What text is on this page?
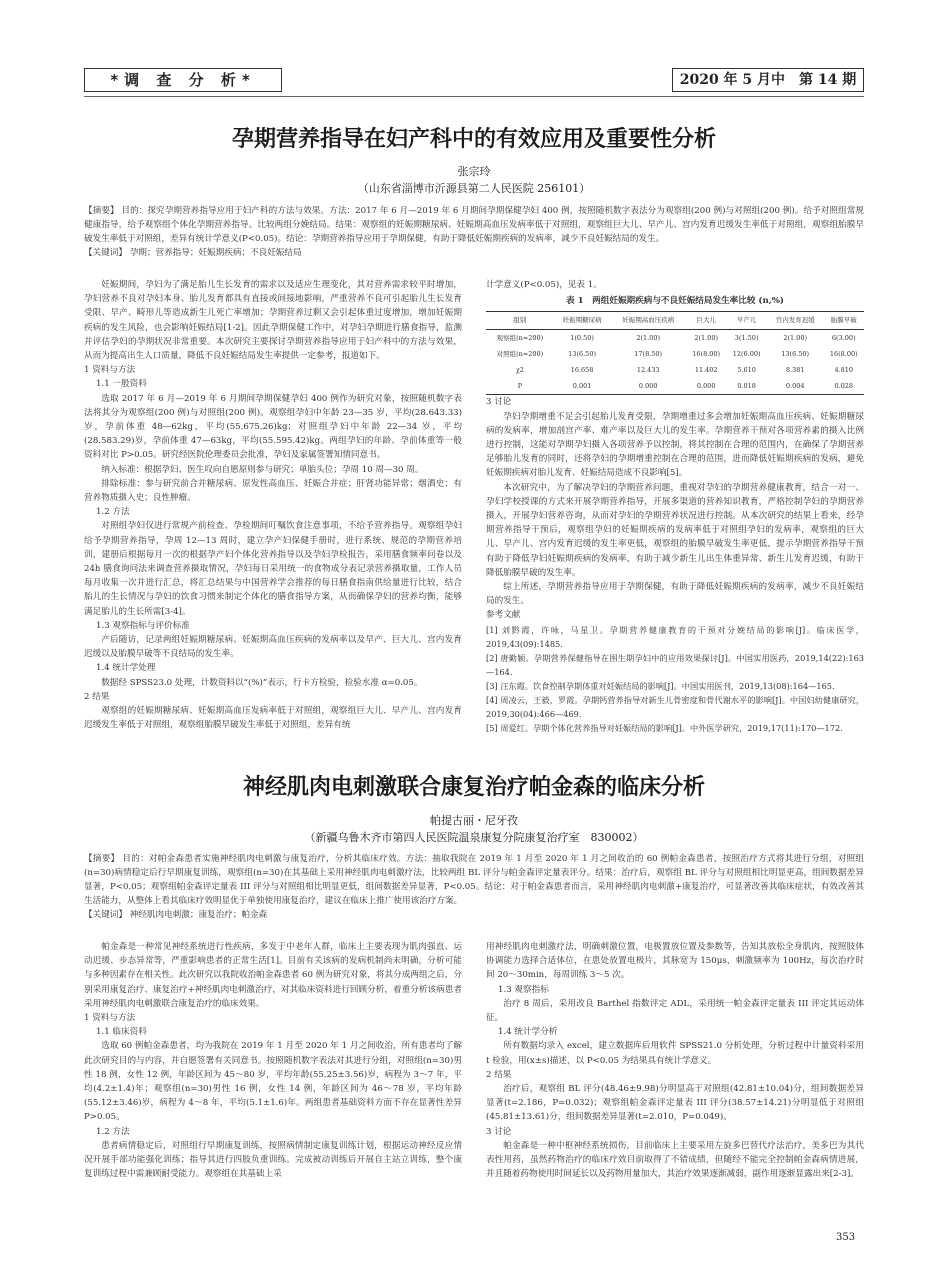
*调 查 分 析*	2020 年 5 月中　第 14 期
孕期营养指导在妇产科中的有效应用及重要性分析
张宗玲
（山东省淄博市沂源县第二人民医院 256101）
【摘要】 目的：探究孕期营养指导应用于妇产科的方法与效果。方法：2017 年 6 月—2019 年 6 月期间孕期保健孕妇 400 例，按照随机数字表法分为观察组(200 例)与对照组(200 例)。给予对照组常规健康指导，给予观察组个体化孕期营养指导。比较两组分娩结局。结果：观察组的妊娠期糖尿病、妊娠期高血压发病率低于对照组，观察组巨大儿、早产儿、宫内发育迟缓发生率低于对照组，观察组胎膜早破发生率低于对照组，差异有统计学意义(P<0.05)。结论：孕期营养指导应用于孕期保健，有助于降低妊娠期疾病的发病率，减少不良妊娠结局的发生。
【关键词】 孕期；营养指导；妊娠期疾病；不良妊娠结局

妊娠期间，孕妇为了满足胎儿生长发育的需求以及适应生理变化，其对营养需求较平时增加，孕妇营养不良对孕妇本身、胎儿发育都具有直接或间接地影响，严重营养不良可引起胎儿生长发育受限、早产、畸形儿等造成新生儿死亡率增加；孕期营养过剩又会引起体重过度增加，增加妊娠期疾病的发生风险，也会影响妊娠结局[1-2]。因此孕期保健工作中，对孕妇孕期进行膳食指导，监测并评估孕妇的孕期状况非常重要。本次研究主要探讨孕期营养指导应用于妇产科中的方法与效果，从而为提高出生人口质量，降低不良妊娠结局发生率提供一定参考，报道如下。

1 资料与方法

1.1 一般资料

选取 2017 年 6 月—2019 年 6 月期间孕期保健孕妇 400 例作为研究对象，按照随机数字表法将其分为观察组(200 例)与对照组(200 例)。观察组孕妇中年龄 23—35 岁，平均(28.643.33)岁，孕前体重 48—62kg，平均(55.675.26)kg；对照组孕妇中年龄 22—34 岁，平均(28.583.29)岁，孕前体重 47—63kg，平均(55.595.42)kg。两组孕妇的年龄、孕前体重等一般资料对比 P>0.05。研究经医院伦理委员会批准，孕妇及家属签署知情同意书。

纳入标准：根据孕妇、医生叹向自愿原则参与研究；单胎头位；孕周 10 周—30 周。

排除标准：参与研究前合并糖尿病、原发性高血压、妊娠合并症；肝肾功能异常；烟酒史；有营养物质摄入史；良性肿瘤。

1.2 方法

对照组孕妇仅进行常规产前检查、孕检期间叮嘱饮食注意事项，不给予营养指导。观察组孕妇给予孕期营养指导，孕周 12—13 周时，建立孕产妇保健手册时，进行系统、规范的孕期营养培训，建册后根据每月一次的根据孕产妇个体化营养指导以及孕妇孕检报告，采用膳食频率问卷以及 24h 膳食询问法来调查营养摄取情况，孕妇每日采用统一的食物成分表记录营养摄取量，工作人员每月收集一次并进行汇总，将汇总结果与中国营养学会推荐的每日膳食指南供给量进行比较，结合胎儿的生长情况与孕妇的饮食习惯来制定个体化的膳食指导方案，从而确保孕妇的营养均衡，能够满足胎儿的生长所需[3-4]。

1.3 观察指标与评价标准

产后随访，记录两组妊娠期糖尿病、妊娠期高血压疾病的发病率以及早产、巨大儿、宫内发育迟缓以及胎膜早破等不良结局的发生率。

1.4 统计学处理

数据经 SPSS23.0 处理，计数资料以“(%)”表示，行卡方检验，检验水准 α=0.05。

2 结果

观察组的妊娠期糖尿病、妊娠期高血压发病率低于对照组，观察组巨大儿、早产儿、宫内发育迟缓发生率低于对照组，观察组胎膜早破发生率低于对照组，差异有统

计学意义(P<0.05)，见表 1。

表 1　两组妊娠期疾病与不良妊娠结局发生率比较 (n,%)
组别	妊娠期糖尿病	妊娠期高血压疾病	巨大儿	早产儿	宫内发育迟缓	胎膜早破
观察组(n=200)	1(0.50)	2(1.00)	2(1.00)	3(1.50)	2(1.00)	6(3.00)
对照组(n=200)	13(6.50)	17(8.50)	16(8.00)	12(6.00)	13(6.50)	16(8.00)
χ2	16.658	12.433	11.402	5.610	8.381	4.810
P	0.001	0.000	0.000	0.018	0.004	0.028

3 讨论

孕妇孕期增重不足会引起胎儿发育受限，孕期增重过多会增加妊娠期高血压疾病、妊娠期糖尿病的发病率，增加剖宫产率、难产率以及巨大儿的发生率。孕期营养干预对各项营养素的摄入比例进行控制，这能对孕期孕妇摄入各项营养予以控制，将其控制在合理的范围内，在确保了孕期营养足够胎儿发育的同时，还将孕妇的孕期增重控制在合理的范围，进而降低妊娠期疾病的发病，避免妊娠期疾病对胎儿发育、妊娠结局造成不良影响[5]。

本次研究中，为了解决孕妇的孕期营养问题，重视对孕妇的孕期营养健康教育，结合一对一、孕妇学校授课的方式来开展孕期营养指导，开展多渠道的营养知识教育，严格控制孕妇的孕期营养摄入，开展孕妇营养咨询，从而对孕妇的孕期营养状况进行控制。从本次研究的结果上看来，经孕期营养指导干预后，观察组孕妇的妊娠期疾病的发病率低于对照组孕妇的发病率，观察组的巨大儿、早产儿、宫内发育迟缓的发生率更低，观察组的胎膜早破发生率更低，提示孕期营养指导干预有助于降低孕妇妊娠期疾病的发病率，有助于减少新生儿出生体重异常、新生儿发育迟缓，有助于降低胎膜早破的发生率。

综上所述，孕期营养指导应用于孕期保健，有助于降低妊娠期疾病的发病率，减少不良妊娠结局的发生。

参考文献

[1] 刘黔霞，许咏，马星卫。孕期营养健康教育的干预对分娩结局的影响[J]。临床医学，2019,43(09):1485.

[2] 唐勤颖。孕期营养保健指导在围生期孕妇中的应用效果探讨[J]。中国实用医药，2019,14(22):163—164.

[3] 汪东霞。饮食控制孕期体重对妊娠结局的影响[J]。中国实用医刊，2019,13(08):164—165.

[4] 周凌云，王毅，罗霞。孕期钙营养指导对新生儿骨密度和骨代谢水平的影响[J]。中国妇幼健康研究，2019,30(04):466—469.

[5] 周爱红。孕期个体化营养指导对妊娠结局的影响[J]。中外医学研究，2019,17(11):170—172.

神经肌肉电刺激联合康复治疗帕金森的临床分析
帕提古丽・尼牙孜
（新疆乌鲁木齐市第四人民医院温泉康复分院康复治疗室　830002）
【摘要】 目的：对帕金森患者实施神经肌肉电刺激与康复治疗，分析其临床疗效。方法：抽取我院在 2019 年 1 月至 2020 年 1 月之间收治的 60 例帕金森患者，按照治疗方式将其进行分组，对照组(n=30)病情稳定后行早期康复训练，观察组(n=30)在其基础上采用神经肌肉电刺激疗法，比较两组 BL 评分与帕金森评定量表评分。结果：治疗后，观察组 BL 评分与对照组相比明显更高，组间数据差异显著，P<0.05；观察组帕金森评定量表 III 评分与对照组相比明显更低，组间数据差异显著，P<0.05。结论：对于帕金森患者而言，采用神经肌肉电刺激+康复治疗，可显著改善其临床症状，有效改善其生活能力，从整体上看其临床疗效明显优于单独使用康复治疗，建议在临床上推广使用该治疗方案。
【关键词】 神经肌肉电刺激；康复治疗；帕金森

帕金森是一种常见神经系统进行性疾病，多发于中老年人群，临床上主要表现为肌肉强直、运动迟缓、步态异常等，严重影响患者的正常生活[1]。目前有关该病的发病机制尚未明确，分析可能与多种因素存在相关性。此次研究以我院收治帕金森患者 60 例为研究对象，将其分成两组之后，分别采用康复治疗、康复治疗+神经肌肉电刺激治疗，对其临床资料进行回顾分析，着重分析该病患者采用神经肌肉电刺激联合康复治疗的临床效果。

1 资料与方法

1.1 临床资料

选取 60 例帕金森患者，均为我院在 2019 年 1 月至 2020 年 1 月之间收治，所有患者均了解此次研究目的与内容，并自愿签署有关同意书。按照随机数字表法对其进行分组，对照组(n=30)男性 18 例，女性 12 例，年龄区间为 45～80 岁，平均年龄(55.25±3.56)岁，病程为 3～7 年，平均(4.2±1.4)年；观察组(n=30)男性 16 例，女性 14 例，年龄区间为 46～78 岁，平均年龄(55.12±3.46)岁，病程为 4～8 年，平均(5.1±1.6)年。两组患者基础资料方面不存在显著性差异 P>0.05。

1.2 方法

患者病情稳定后，对照组行早期康复训练，按照病情制定康复训练计划，根据运动神经反应情况开展手部功能强化训练；指导其进行四肢负重训练。完成被动训练后开展自主站立训练，整个康复训练过程中需兼顾耐受能力。观察组在其基础上采

用神经肌肉电刺激疗法，明确刺激位置，电极置放位置及参数等，告知其放松全身肌肉，按照肢体协调能力选择合适体位，在患处放置电极片，其脉宽为 150μs，刺激频率为 100Hz，每次治疗时间 20～30min，每周训练 3～5 次。

1.3 观察指标

治疗 8 周后，采用改良 Barthel 指数评定 ADL，采用统一帕金森评定量表 III 评定其运动体征。

1.4 统计学分析

所有数据均录入 excel，建立数据库后用软件 SPSS21.0 分析处理，分析过程中计量资料采用 t 检验，用(x±s)描述，以 P<0.05 为结果具有统计学意义。

2 结果

治疗后，观察组 BL 评分(48.46±9.98)分明显高于对照组(42.81±10.04)分，组间数据差异显著(t=2.186，P=0.032)；观察组帕金森评定量表 III 评分(38.57±14.21)分明显低于对照组(45.81±13.61)分，组间数据差异显著(t=2.010，P=0.049)。

3 讨论

帕金森是一种中枢神经系统损伤，目前临床上主要采用左旋多巴替代疗法治疗，美多巴为其代表性用药，虽然药物治疗的临床疗效目前取得了不错成绩，但随经不能完全控制帕金森病情进展，并且随着药物使用时间延长以及药物用量加大，其治疗效果逐渐减弱，副作用逐渐显露出来[2-3]。

353
